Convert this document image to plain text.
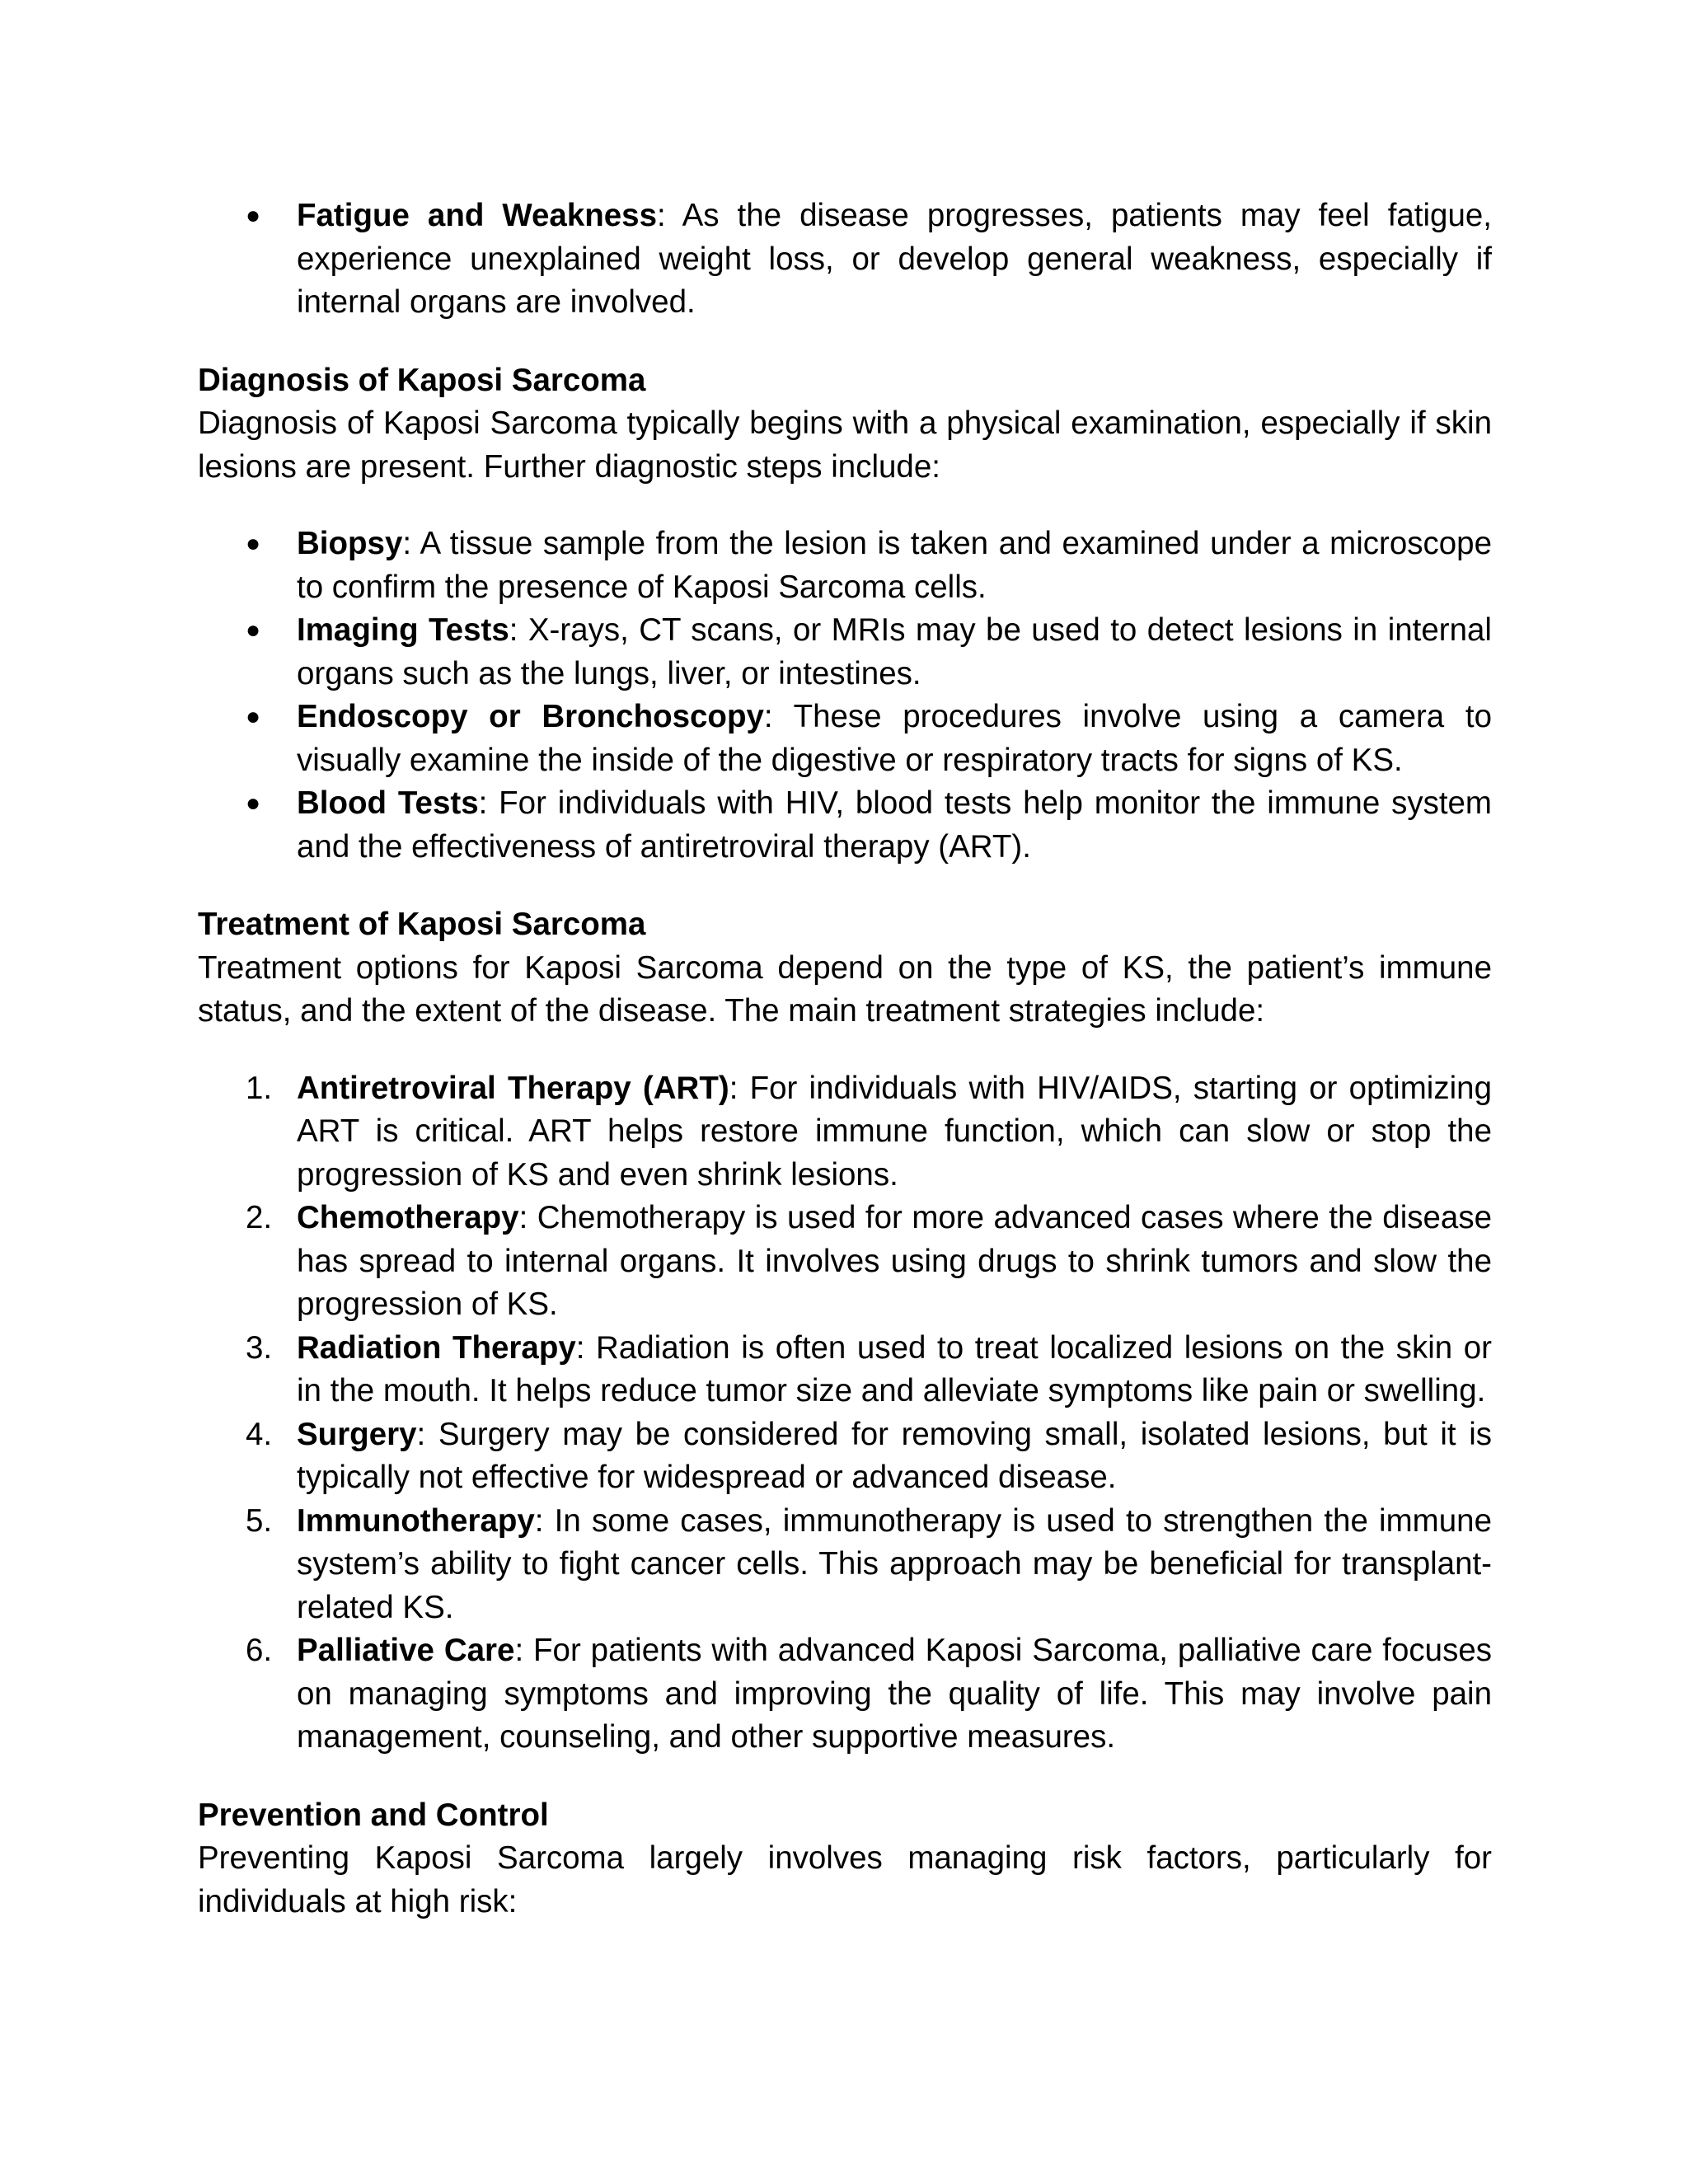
● Fatigue and Weakness: As the disease progresses, patients may feel fatigue, experience unexplained weight loss, or develop general weakness, especially if internal organs are involved.

Diagnosis of Kaposi Sarcoma

Diagnosis of Kaposi Sarcoma typically begins with a physical examination, especially if skin lesions are present. Further diagnostic steps include:

● Biopsy: A tissue sample from the lesion is taken and examined under a microscope to confirm the presence of Kaposi Sarcoma cells.
● Imaging Tests: X-rays, CT scans, or MRIs may be used to detect lesions in internal organs such as the lungs, liver, or intestines.
● Endoscopy or Bronchoscopy: These procedures involve using a camera to visually examine the inside of the digestive or respiratory tracts for signs of KS.
● Blood Tests: For individuals with HIV, blood tests help monitor the immune system and the effectiveness of antiretroviral therapy (ART).

Treatment of Kaposi Sarcoma

Treatment options for Kaposi Sarcoma depend on the type of KS, the patient’s immune status, and the extent of the disease. The main treatment strategies include:

1. Antiretroviral Therapy (ART): For individuals with HIV/AIDS, starting or optimizing ART is critical. ART helps restore immune function, which can slow or stop the progression of KS and even shrink lesions.
2. Chemotherapy: Chemotherapy is used for more advanced cases where the disease has spread to internal organs. It involves using drugs to shrink tumors and slow the progression of KS.
3. Radiation Therapy: Radiation is often used to treat localized lesions on the skin or in the mouth. It helps reduce tumor size and alleviate symptoms like pain or swelling.
4. Surgery: Surgery may be considered for removing small, isolated lesions, but it is typically not effective for widespread or advanced disease.
5. Immunotherapy: In some cases, immunotherapy is used to strengthen the immune system’s ability to fight cancer cells. This approach may be beneficial for transplant-related KS.
6. Palliative Care: For patients with advanced Kaposi Sarcoma, palliative care focuses on managing symptoms and improving the quality of life. This may involve pain management, counseling, and other supportive measures.

Prevention and Control

Preventing Kaposi Sarcoma largely involves managing risk factors, particularly for individuals at high risk:
